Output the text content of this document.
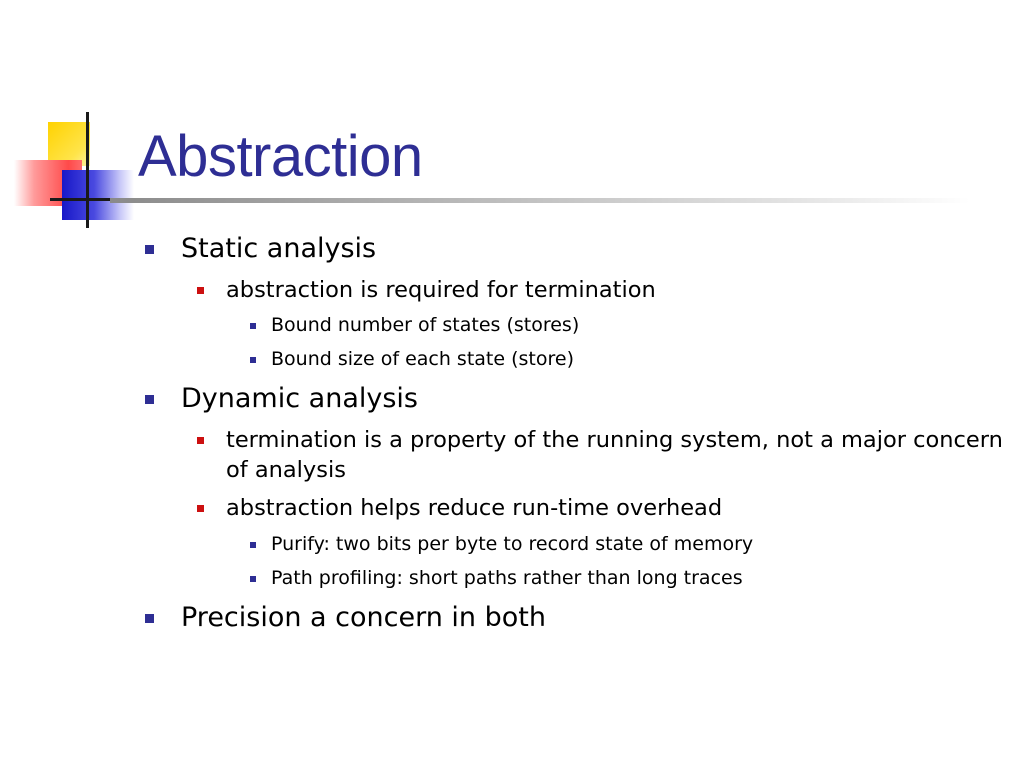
Abstraction
Static analysis
abstraction is required for termination
Bound number of states (stores)
Bound size of each state (store)
Dynamic analysis
termination is a property of the running system, not a major concern of analysis
abstraction helps reduce run-time overhead
Purify: two bits per byte to record state of memory
Path profiling: short paths rather than long traces
Precision a concern in both
